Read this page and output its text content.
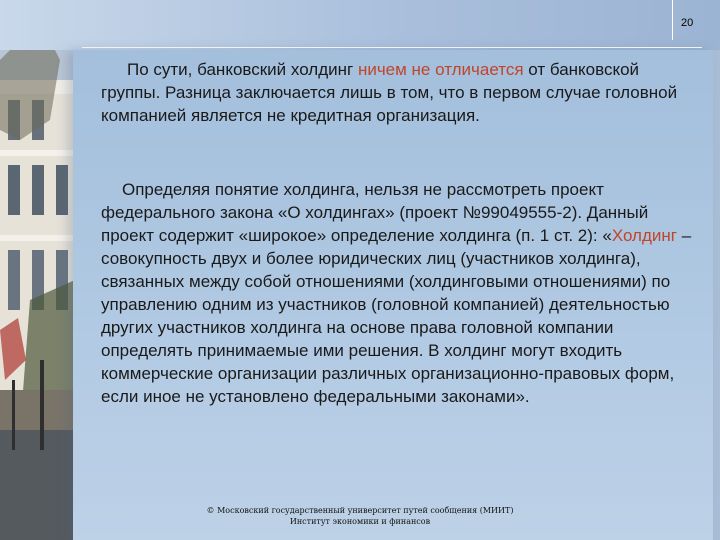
20

По сути, банковский холдинг ничем не отличается от банковской группы. Разница заключается лишь в том, что в первом случае головной компанией является не кредитная организация.

Определяя понятие холдинга, нельзя не рассмотреть проект федерального закона «О холдингах» (проект №99049555-2). Данный проект содержит «широкое» определение холдинга (п. 1 ст. 2): «Холдинг – совокупность двух и более юридических лиц (участников холдинга), связанных между собой отношениями (холдинговыми отношениями) по управлению одним из участников (головной компанией) деятельностью других участников холдинга на основе права головной компании определять принимаемые ими решения. В холдинг могут входить коммерческие организации различных организационно-правовых форм, если иное не установлено федеральными законами».

© Московский государственный университет путей сообщения (МИИТ)
Институт экономики и финансов
